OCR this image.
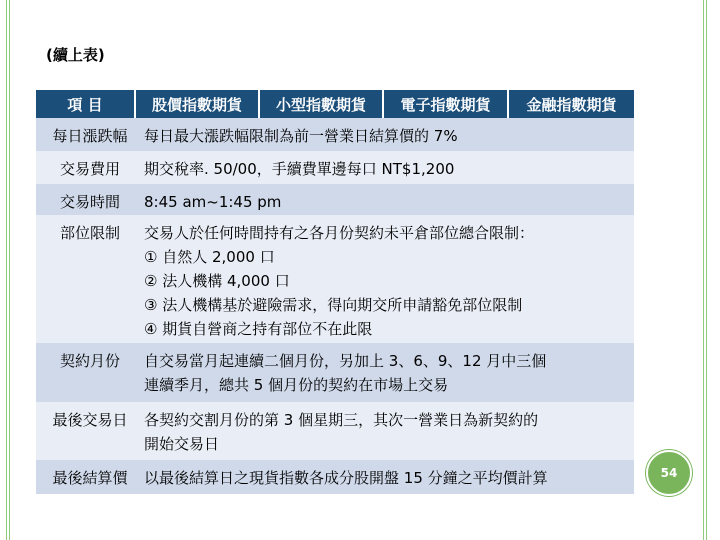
(續上表)
項 目	股價指數期貨	小型指數期貨	電子指數期貨	金融指數期貨
每日漲跌幅	每日最大漲跌幅限制為前一營業日結算價的 7%
交易費用	期交稅率. 50/00，手續費單邊每口 NT$1,200
交易時間	8:45 am~1:45 pm
部位限制	交易人於任何時間持有之各月份契約未平倉部位總合限制：
① 自然人 2,000 口
② 法人機構 4,000 口
③ 法人機構基於避險需求，得向期交所申請豁免部位限制
④ 期貨自營商之持有部位不在此限
契約月份	自交易當月起連續二個月份，另加上 3、6、9、12 月中三個
連續季月，總共 5 個月份的契約在市場上交易
最後交易日	各契約交割月份的第 3 個星期三，其次一營業日為新契約的
開始交易日
最後結算價	以最後結算日之現貨指數各成分股開盤 15 分鐘之平均價計算	54
